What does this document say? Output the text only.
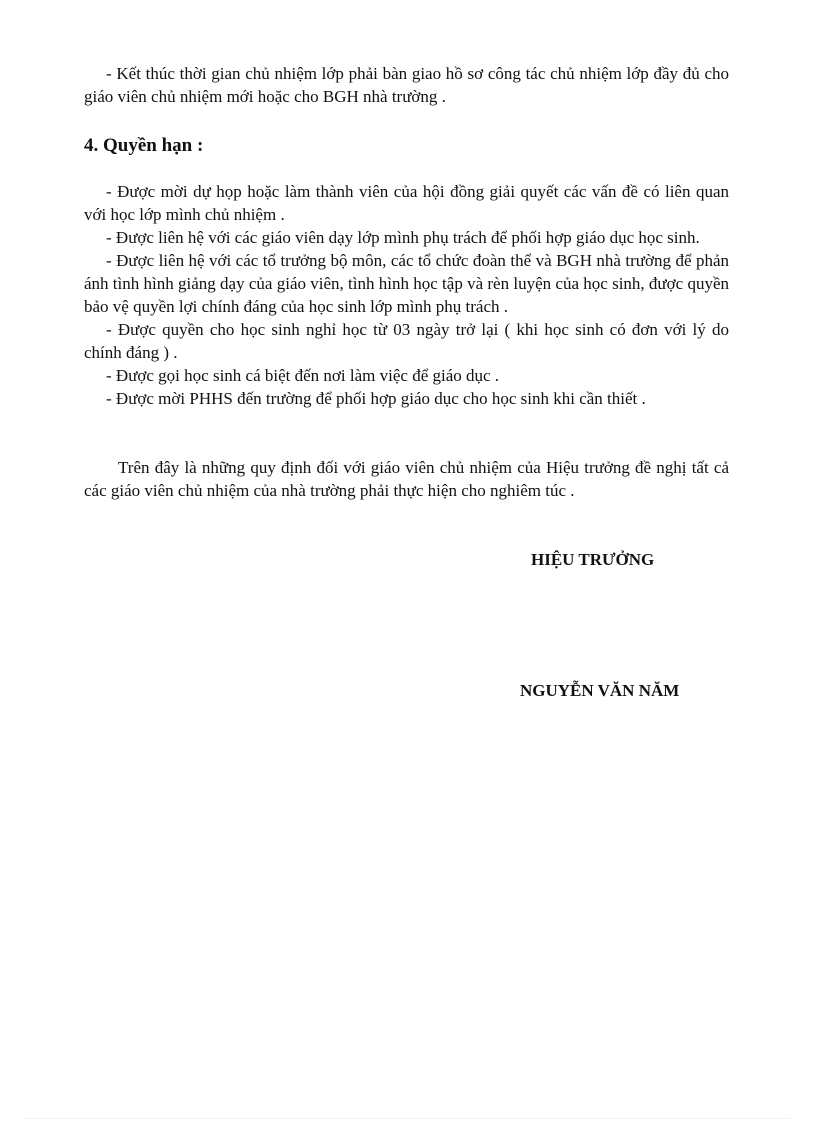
- Kết thúc thời gian chủ nhiệm lớp phải bàn giao hồ sơ công tác chủ nhiệm lớp đầy đủ cho giáo viên chủ nhiệm mới hoặc cho BGH nhà trường .

4. Quyền hạn :

- Được mời dự họp hoặc làm thành viên của hội đồng giải quyết các vấn đề có liên quan với học lớp mình chủ nhiệm .

- Được liên hệ với các giáo viên dạy lớp mình phụ trách để phối hợp giáo dục học sinh.

- Được liên hệ với các tổ trưởng bộ môn, các tổ chức đoàn thể và BGH nhà trường để phản ánh tình hình giảng dạy của giáo viên, tình hình học tập và rèn luyện của học sinh, được quyền bảo vệ quyền lợi chính đáng của học sinh lớp mình phụ trách .

- Được quyền cho học sinh nghỉ học từ 03 ngày trở lại ( khi học sinh có đơn với lý do chính đáng ) .

- Được gọi học sinh cá biệt đến nơi làm việc để giáo dục .

- Được mời PHHS đến trường để phối hợp giáo dục cho học sinh khi cần thiết .

Trên đây là những quy định đối với giáo viên chủ nhiệm của Hiệu trưởng đề nghị tất cả các giáo viên chủ nhiệm của nhà trường phải thực hiện cho nghiêm túc .

HIỆU TRƯỞNG
NGUYỄN VĂN NĂM
